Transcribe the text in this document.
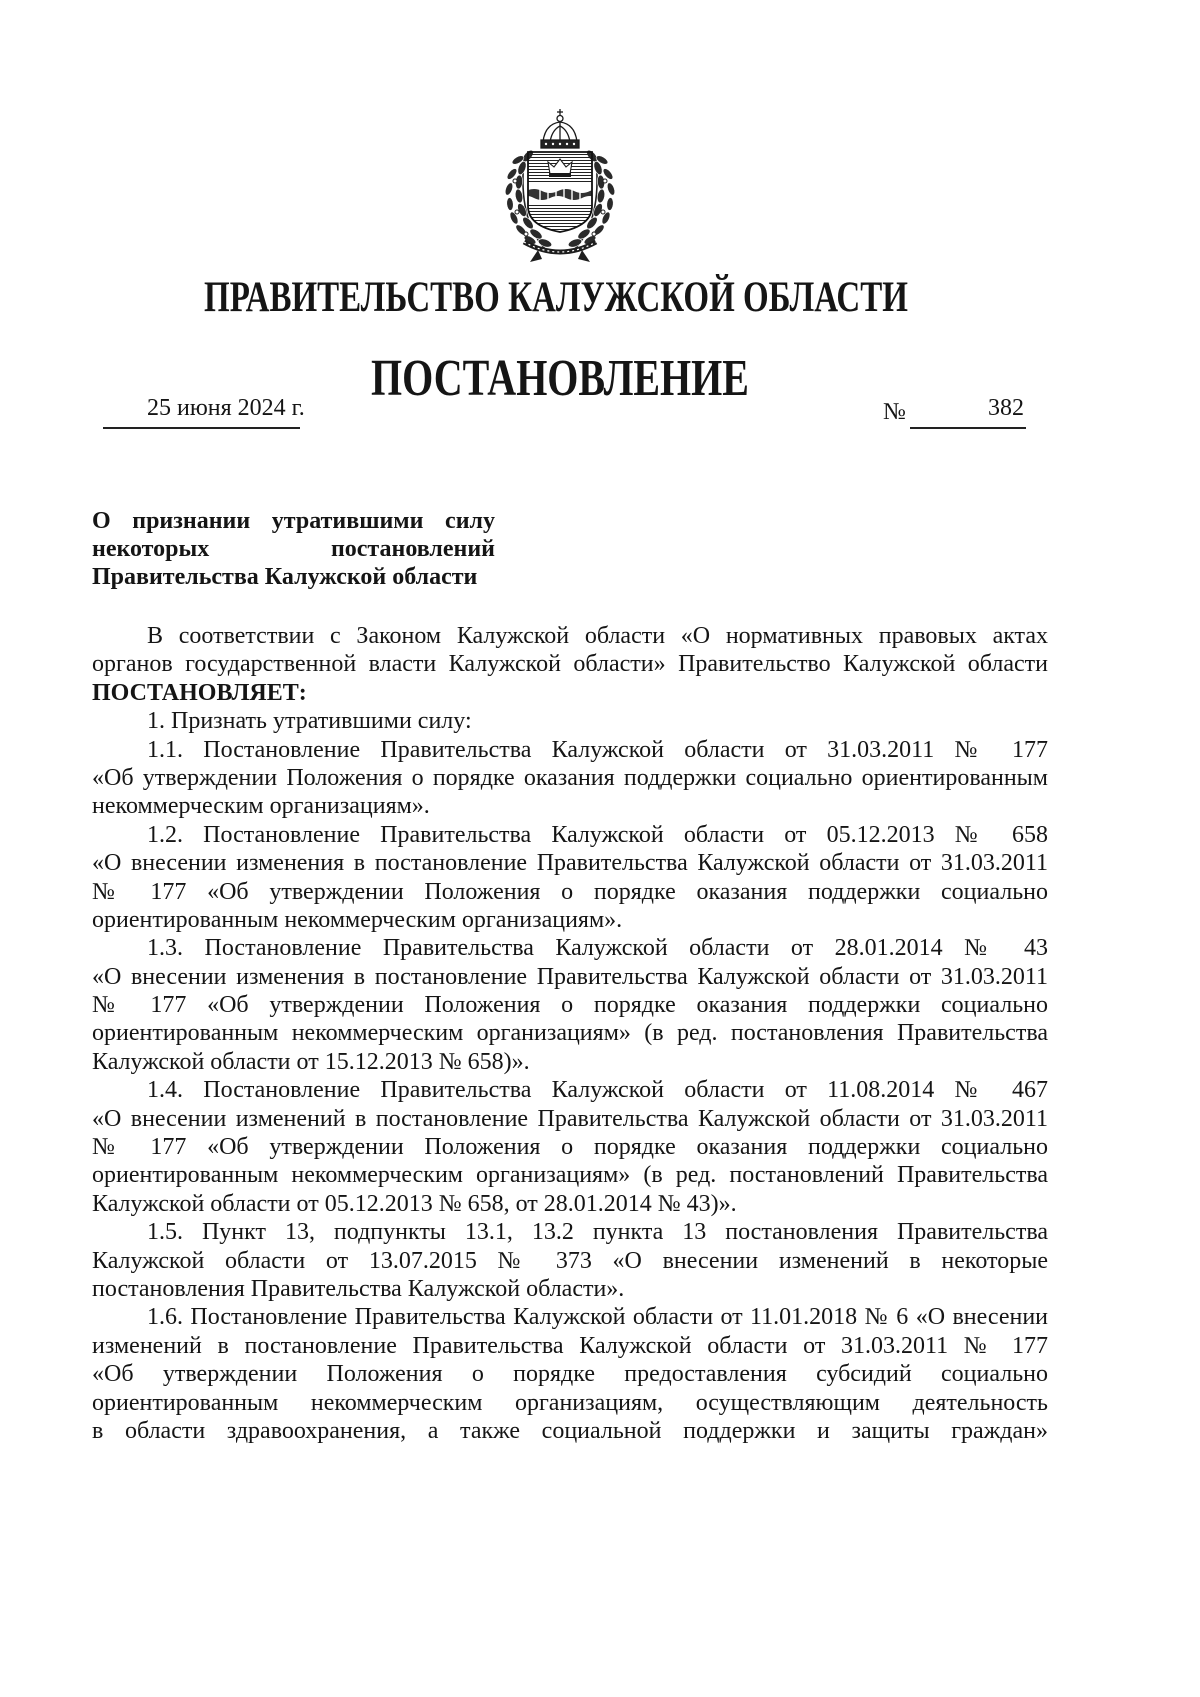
ПРАВИТЕЛЬСТВО КАЛУЖСКОЙ ОБЛАСТИ
ПОСТАНОВЛЕНИЕ
25 июня 2024 г.	№	382
О признании утратившими силу
некоторых постановлений
Правительства Калужской области
В соответствии с Законом Калужской области «О нормативных правовых актах
органов государственной власти Калужской области» Правительство Калужской области
ПОСТАНОВЛЯЕТ:
1. Признать утратившими силу:
1.1. Постановление Правительства Калужской области от 31.03.2011 № 177
«Об утверждении Положения о порядке оказания поддержки социально ориентированным
некоммерческим организациям».
1.2. Постановление Правительства Калужской области от 05.12.2013 № 658
«О внесении изменения в постановление Правительства Калужской области от 31.03.2011
№ 177 «Об утверждении Положения о порядке оказания поддержки социально
ориентированным некоммерческим организациям».
1.3. Постановление Правительства Калужской области от 28.01.2014 № 43
«О внесении изменения в постановление Правительства Калужской области от 31.03.2011
№ 177 «Об утверждении Положения о порядке оказания поддержки социально
ориентированным некоммерческим организациям» (в ред. постановления Правительства
Калужской области от 15.12.2013 № 658)».
1.4. Постановление Правительства Калужской области от 11.08.2014 № 467
«О внесении изменений в постановление Правительства Калужской области от 31.03.2011
№ 177 «Об утверждении Положения о порядке оказания поддержки социально
ориентированным некоммерческим организациям» (в ред. постановлений Правительства
Калужской области от 05.12.2013 № 658, от 28.01.2014 № 43)».
1.5. Пункт 13, подпункты 13.1, 13.2 пункта 13 постановления Правительства
Калужской области от 13.07.2015 № 373 «О внесении изменений в некоторые
постановления Правительства Калужской области».
1.6. Постановление Правительства Калужской области от 11.01.2018 № 6 «О внесении
изменений в постановление Правительства Калужской области от 31.03.2011 № 177
«Об утверждении Положения о порядке предоставления субсидий социально
ориентированным некоммерческим организациям, осуществляющим деятельность
в области здравоохранения, а также социальной поддержки и защиты граждан»
